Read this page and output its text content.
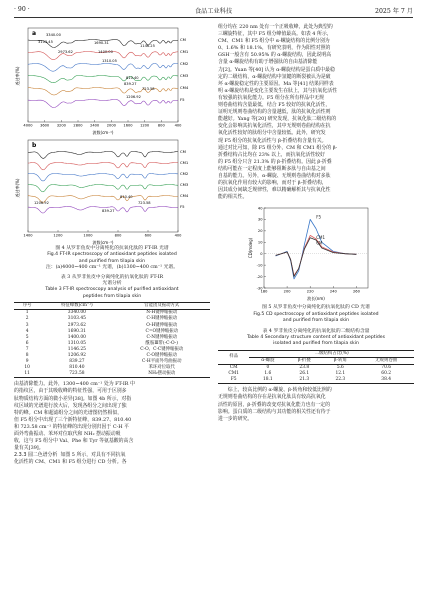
· 90 ·	食品工业科技	2025 年 7 月
a	3340.00
3103.45
2973.62
1690.31
1400.00
1310.05
1146.25
810.40
839.27
723.58
1206.92
CM
CM1
CM2
CM3
CM4
F5
4000 3600 3200 2800 2400 2000 1600 1200 800	400
透过率(%)
波数(cm⁻¹)
b
1206.92
839.27
810.40
723.58
CM
CM1
CM2
CM3
CM4
F5
1400	1200	1000	800	600	400
透过率(%)
波数(cm⁻¹)

图 4 从罗非鱼皮中分离纯化的抗氧化肽的 FT-IR 光谱

Fig.4 FT-IR spectroscopy of antioxidant peptides isolated

and purified from tilapia skin

注：(a)4000~400 cm⁻¹ 光谱，(b)1300~400 cm⁻¹ 光谱。

表 3 从罗非鱼皮中分离纯化的抗氧化肽的 FT-IR

光谱分析

Table 3 FT-IR spectroscopy analysis of purified antioxidant

peptides from tilapia skin

序号	特征峰数(cm⁻¹)	官能团及振动方式
1	3340.00	N-H键伸缩振动
2	3103.45	C-H键伸缩振动
3	2973.62	O-H键伸缩振动
4	1690.31	C=O键伸缩振动
5	1400.00	C-N键伸缩振动
6	1310.05	酰胺Ⅲ带(-C-O-)
7	1146.25	C-O、C-C键伸缩振动
8	1206.92	C-O键伸缩振动
9	839.27	C-H平面外弯曲振动
10	810.40	苯环对位取代
11	723.58	NH₂摆动振动

由基清除能力。此外，1300~400 cm⁻¹ 处为 FT-IR 中

的指纹区，由于其吸收峰的特征性强，可用于区别多

肽物质结构方面的微小差异[38]。如图 4b 所示，对指

纹区域的光谱进行放大后，发现各组分之间出现了独

特的峰。CM 和超滤组分之间的光谱图仍然相似，

但 F5 组分中出现了三个新特征峰，839.27、810.40

和 723.58 cm⁻¹ 的特征峰的出现分别归因于 C-H 平

面外弯曲振动、苯环对位取代和 NH₂ 摆动振动吸

收，这与 F5 组分中 Val、Phe 和 Tyr 等氨基酸的高含

量有关[39]。

2.3.3 圆二色谱分析 如图 5 所示，对具有不同抗氧

化活性的 CM、CM1 和 F5 组分进行 CD 分析。各

组分均在 220 nm 处有一个正吸收峰，此处为典型的

三螺旋特征，其中 F5 组分峰值最高。如表 4 所示，

CM、CM1 和 F5 组分中 α-螺旋结构的比例分别为

0、1.6% 和 18.1%，有研究表明，作为阳性对照的

GSH一般含有 50.95% 的 α-螺旋结构，因此说明高

含量 α-螺旋结构有助于增强肽的自由基清除能

力[2]。Yuan 等[40] 认为 α-螺旋结构是蛋白质中最稳

定的二级结构，α-螺旋结构中氢键的断裂被认为是破

坏 α-螺旋稳定性的主要原因。Ma 等[41] 结果同样表

明 α-螺旋结构是变化主要发生在肽上，其与抗氧化活性

有较强的抗氧化能力。F5 组分在所有样品中无规

则卷曲结构含量最低，结合 F5 较好的抗氧化活性，

证明无规则卷曲结构的含量越低，肽的抗氧化活性则

能越好。Yang 等[20] 研究发现，抗氧化肽二级结构的

变化会影响其抗氧化活性，其中无规则卷曲结构在抗

氧化活性较好的肽组分中含量较低。此外，研究发

现 F5 组分的抗氧化活性与 β-折叠结构含量有关。

通过对比可知，除 F5 组分外，CM 和 CM1 组分的 β-

折叠结构占比均在 23% 以上，而抗氧化活性较好

的 F5 组分只含 21.3% 的 β-折叠结构。因此 β-折叠

结构可能在一定程度上能够阻断多肽与自由基之间

自基的能力。另外，α-螺旋、无规则卷曲结构对多肽

的抗氧化作用有较大的影响，而对于 β-折叠结构，

因其成分间缺乏规律性，难以精确解析其与抗氧化性

能的相关性。

40
30
20
10
0
-10
-20
-30
180	200	220	240	260
F5
CM1
CM
CD(mdeg)
波长(nm)

图 5 从罗非鱼皮中分离纯化的抗氧化肽的 CD 光谱

Fig.5 CD spectroscopy of antioxidant peptides isolated

and purified from tilapia skin

表 4 罗非鱼皮分离纯化的抗氧化肽的二级结构含量

Table 4 Secondary structure content of antioxidant peptides

isolated and purified from tilapia skin

样品	二级结构占比(%)			
	α-螺旋	β-折叠	β-转角	无规则卷曲
CM	0	23.8	5.6	70.6
CM1	1.6	26.1	12.1	60.2
F5	18.1	21.3	22.3	38.4

综上，较高比例的 α-螺旋、β-转角和较低比例的

无规则卷曲结构的存在是抗氧化肽具有较高抗氧化

活性的原因，β-折叠的改变对抗氧化能力也有一定的

影响。蛋白质的二级结构与其功能的相关性还有待于

进一步的研究。
